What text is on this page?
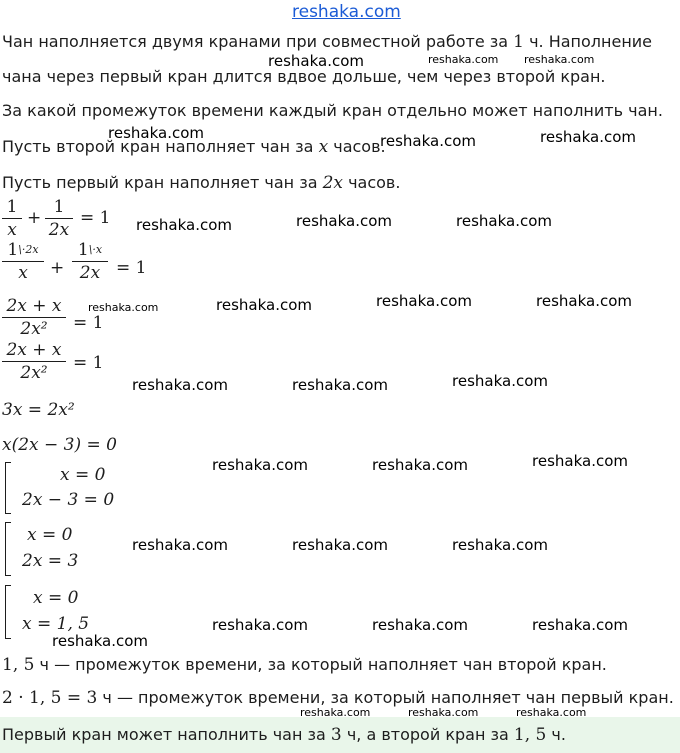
reshaka.com
Чан наполняется двумя кранами при совместной работе за 1 ч. Наполнение
чана через первый кран длится вдвое дольше, чем через второй кран.
За какой промежуток времени каждый кран отдельно может наполнить чан.
Пусть второй кран наполняет чан за x часов.
Пусть первый кран наполняет чан за 2x часов.
1
x
+
1
2x
= 1
$1^{\backslash\cdot 2x}$
x	+
$1^{\backslash\cdot x}$
2x = 1
2x + x
2x²	= 1
2x + x
2x²	= 1
3x = 2x²
x(2x − 3) = 0
x = 0
2x − 3 = 0
x = 0
2x = 3
x = 0
x = 1, 5
1, 5 ч — промежуток времени, за который наполняет чан второй кран.
2 · 1, 5 = 3 ч — промежуток времени, за который наполняет чан первый кран.
Первый кран может наполнить чан за 3 ч, а второй кран за 1, 5 ч.
reshaka.com	reshaka.com reshaka.com
reshaka.com	reshaka.com	reshaka.com
reshaka.com	reshaka.com	reshaka.com
reshaka.com	reshaka.com	reshaka.com	reshaka.com
reshaka.com	reshaka.com	reshaka.com
reshaka.com	reshaka.com	reshaka.com
reshaka.com	reshaka.com	reshaka.com
reshaka.com	reshaka.com	reshaka.com
reshaka.com
reshaka.com	reshaka.com	reshaka.com
